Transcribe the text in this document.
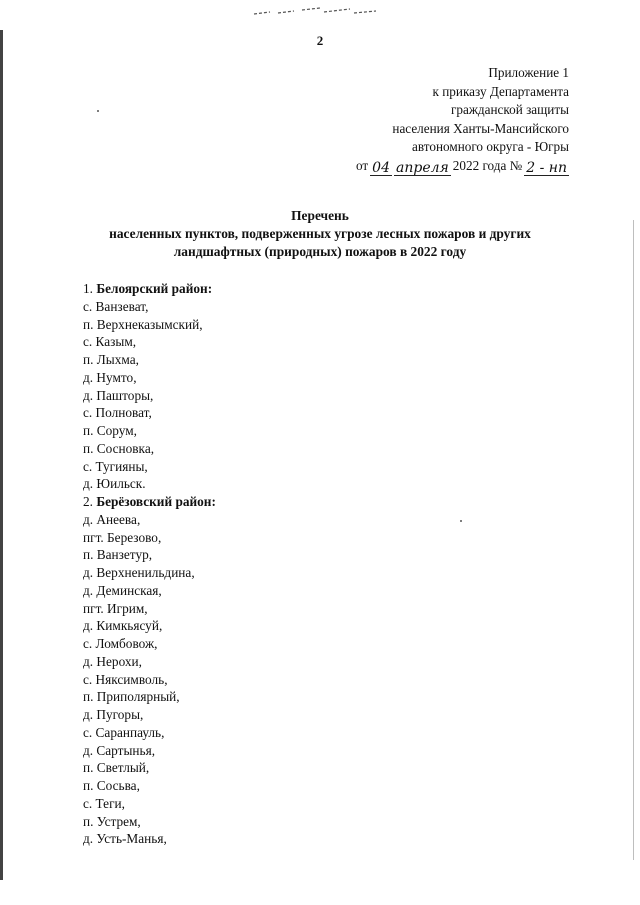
2
Приложение 1
к приказу Департамента
гражданской защиты
населения Ханты-Мансийского
автономного округа - Югры
от 04 апреля 2022 года № 2 - нп
Перечень
населенных пунктов, подверженных угрозе лесных пожаров и других
ландшафтных (природных) пожаров в 2022 году
1. Белоярский район:
с. Ванзеват,
п. Верхнеказымский,
с. Казым,
п. Лыхма,
д. Нумто,
д. Пашторы,
с. Полноват,
п. Сорум,
п. Сосновка,
с. Тугияны,
д. Юильск.
2. Берёзовский район:
д. Анеева,
пгт. Березово,
п. Ванзетур,
д. Верхненильдина,
д. Деминская,
пгт. Игрим,
д. Кимкьясуй,
с. Ломбовож,
д. Нерохи,
с. Няксимволь,
п. Приполярный,
д. Пугоры,
с. Саранпауль,
д. Сартынья,
п. Светлый,
п. Сосьва,
с. Теги,
п. Устрем,
д. Усть-Манья,
